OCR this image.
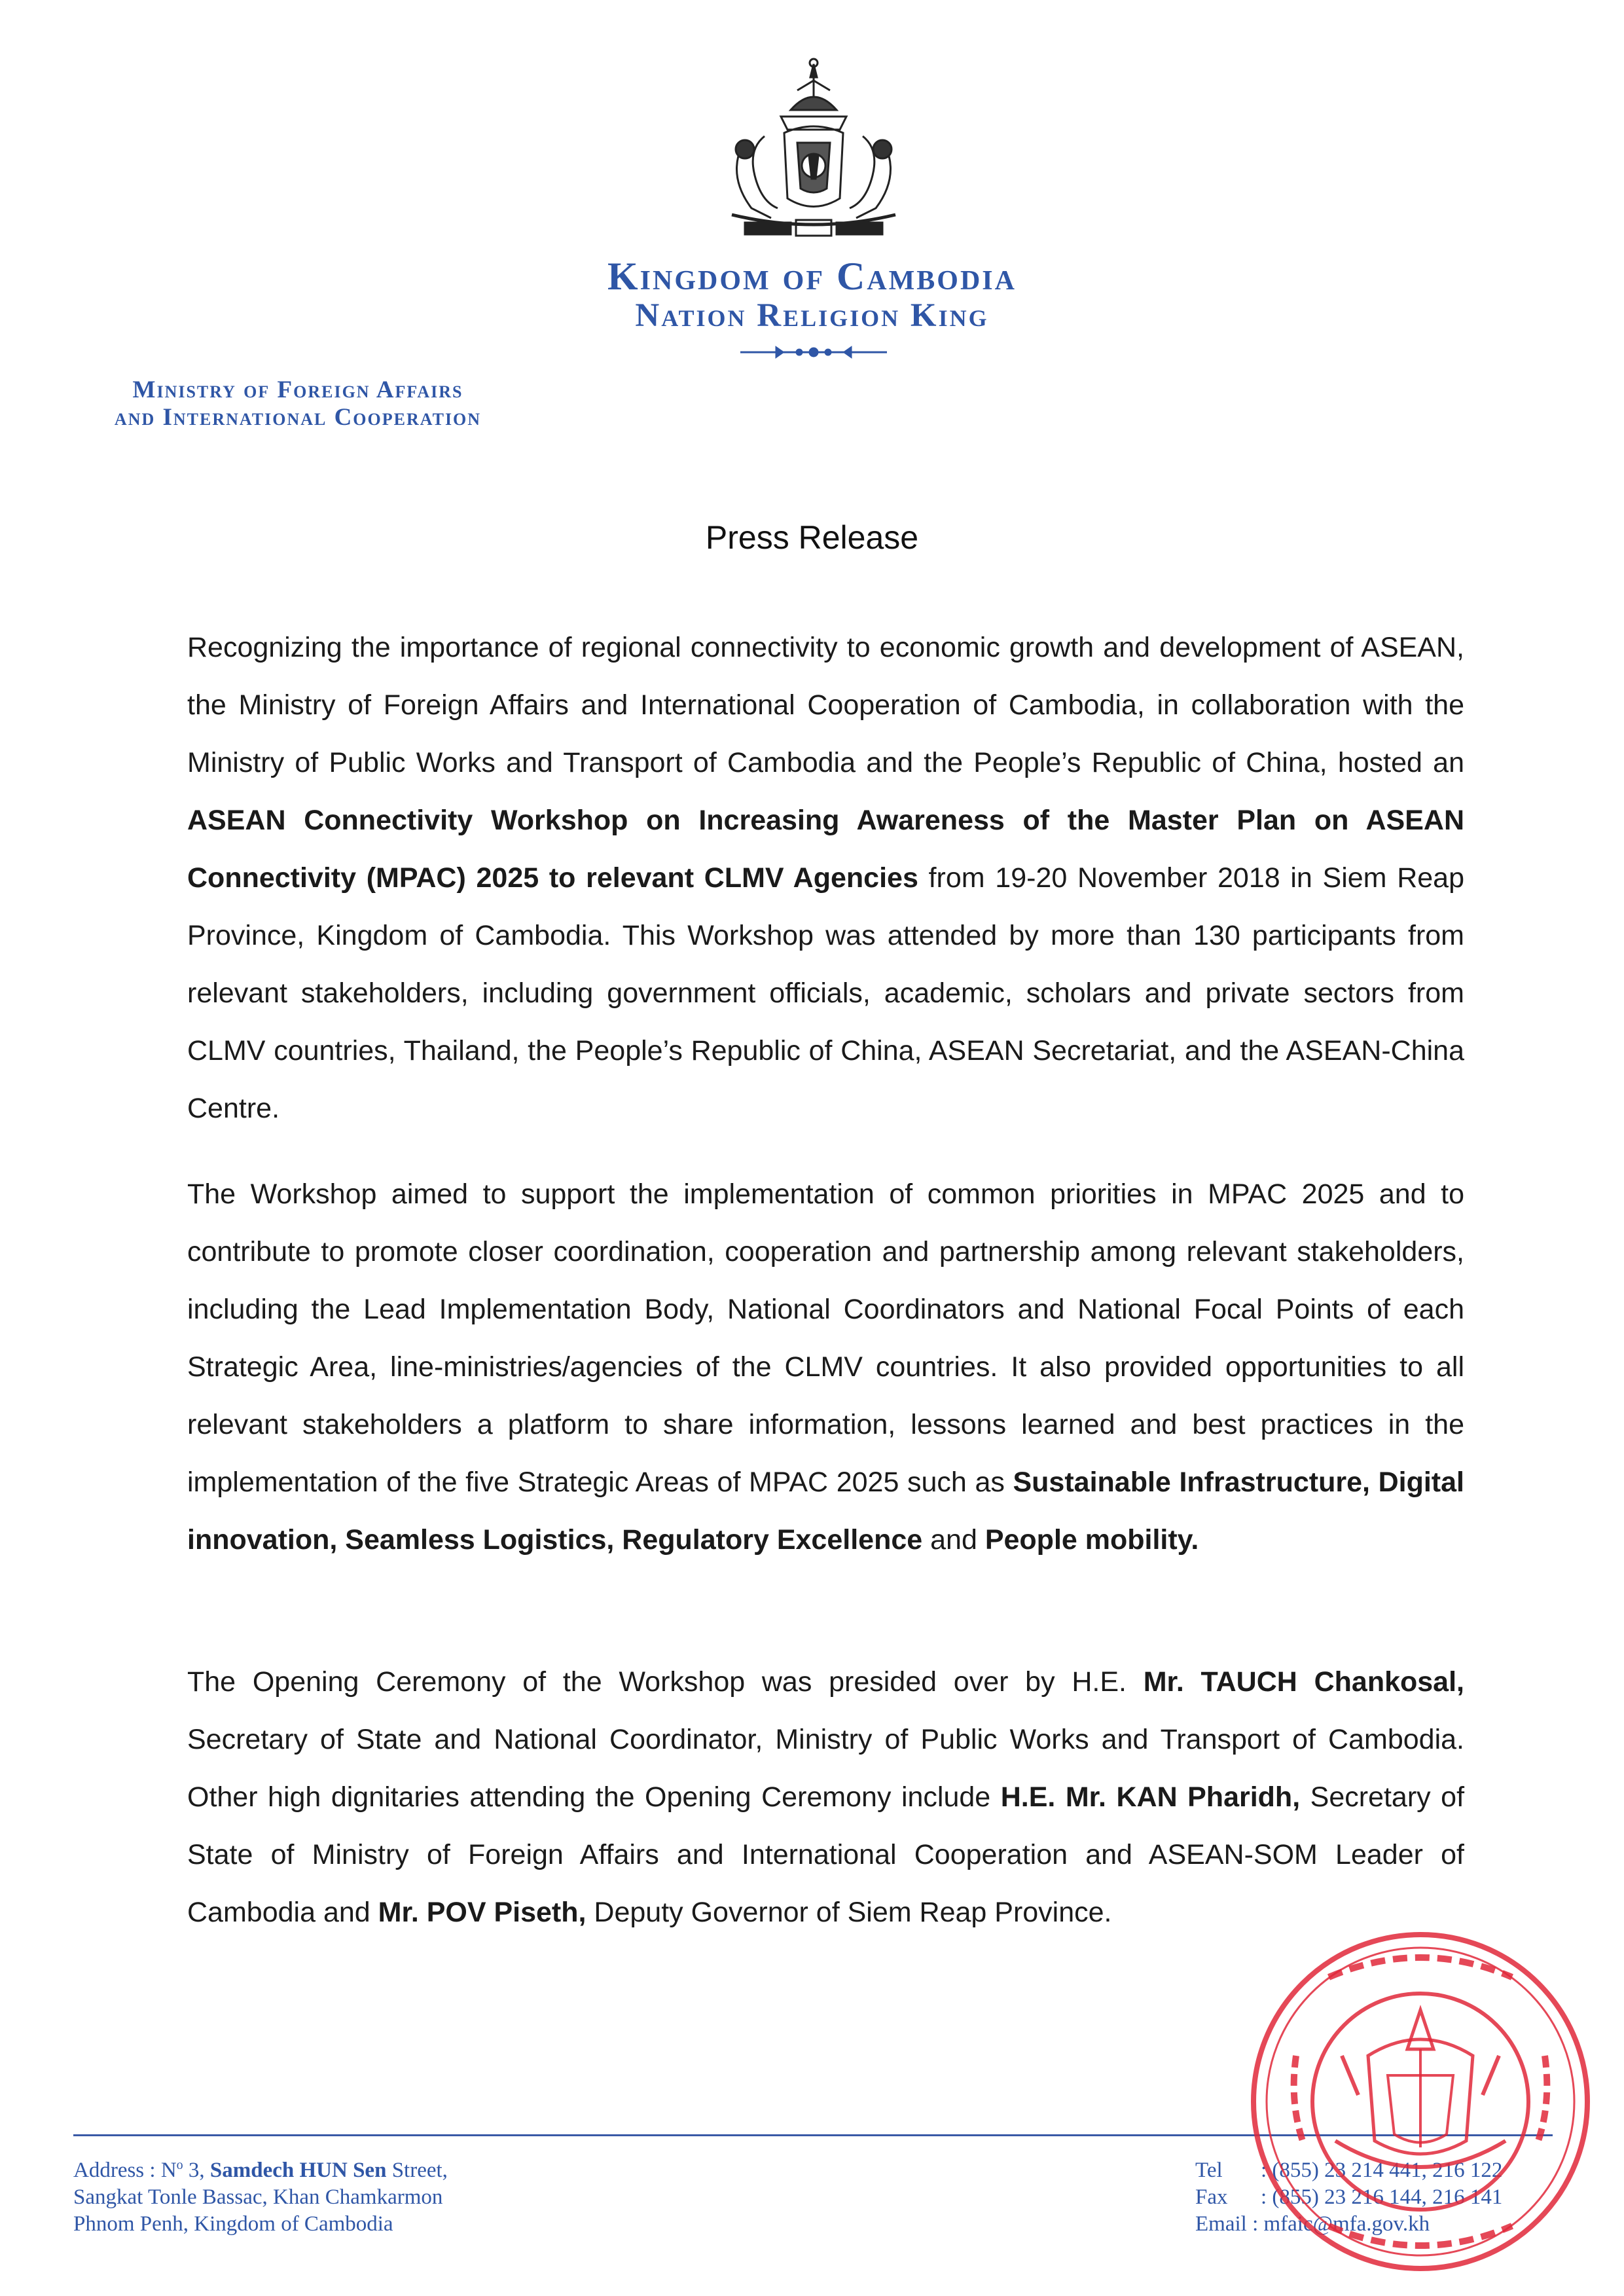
Kingdom of Cambodia
Nation Religion King
Ministry of Foreign Affairs
and International Cooperation
Press Release

Recognizing the importance of regional connectivity to economic growth and development of ASEAN, the Ministry of Foreign Affairs and International Cooperation of Cambodia, in collaboration with the Ministry of Public Works and Transport of Cambodia and the People’s Republic of China, hosted an ASEAN Connectivity Workshop on Increasing Awareness of the Master Plan on ASEAN Connectivity (MPAC) 2025 to relevant CLMV Agencies from 19-20 November 2018 in Siem Reap Province, Kingdom of Cambodia. This Workshop was attended by more than 130 participants from relevant stakeholders, including government officials, academic, scholars and private sectors from CLMV countries, Thailand, the People’s Republic of China, ASEAN Secretariat, and the ASEAN-China Centre.

The Workshop aimed to support the implementation of common priorities in MPAC 2025 and to contribute to promote closer coordination, cooperation and partnership among relevant stakeholders, including the Lead Implementation Body, National Coordinators and National Focal Points of each Strategic Area, line-ministries/agencies of the CLMV countries. It also provided opportunities to all relevant stakeholders a platform to share information, lessons learned and best practices in the implementation of the five Strategic Areas of MPAC 2025 such as Sustainable Infrastructure, Digital innovation, Seamless Logistics, Regulatory Excellence and People mobility.

The Opening Ceremony of the Workshop was presided over by H.E. Mr. TAUCH Chankosal, Secretary of State and National Coordinator, Ministry of Public Works and Transport of Cambodia. Other high dignitaries attending the Opening Ceremony include H.E. Mr. KAN Pharidh, Secretary of State of Ministry of Foreign Affairs and International Cooperation and ASEAN-SOM Leader of Cambodia and Mr. POV Piseth, Deputy Governor of Siem Reap Province.

Address : $N^o$ 3, Samdech HUN Sen Street,
Sangkat Tonle Bassac, Khan Chamkarmon
Phnom Penh, Kingdom of Cambodia
Tel : (855) 23 214 441, 216 122
Fax : (855) 23 216 144, 216 141
Email : mfaic@mfa.gov.kh
